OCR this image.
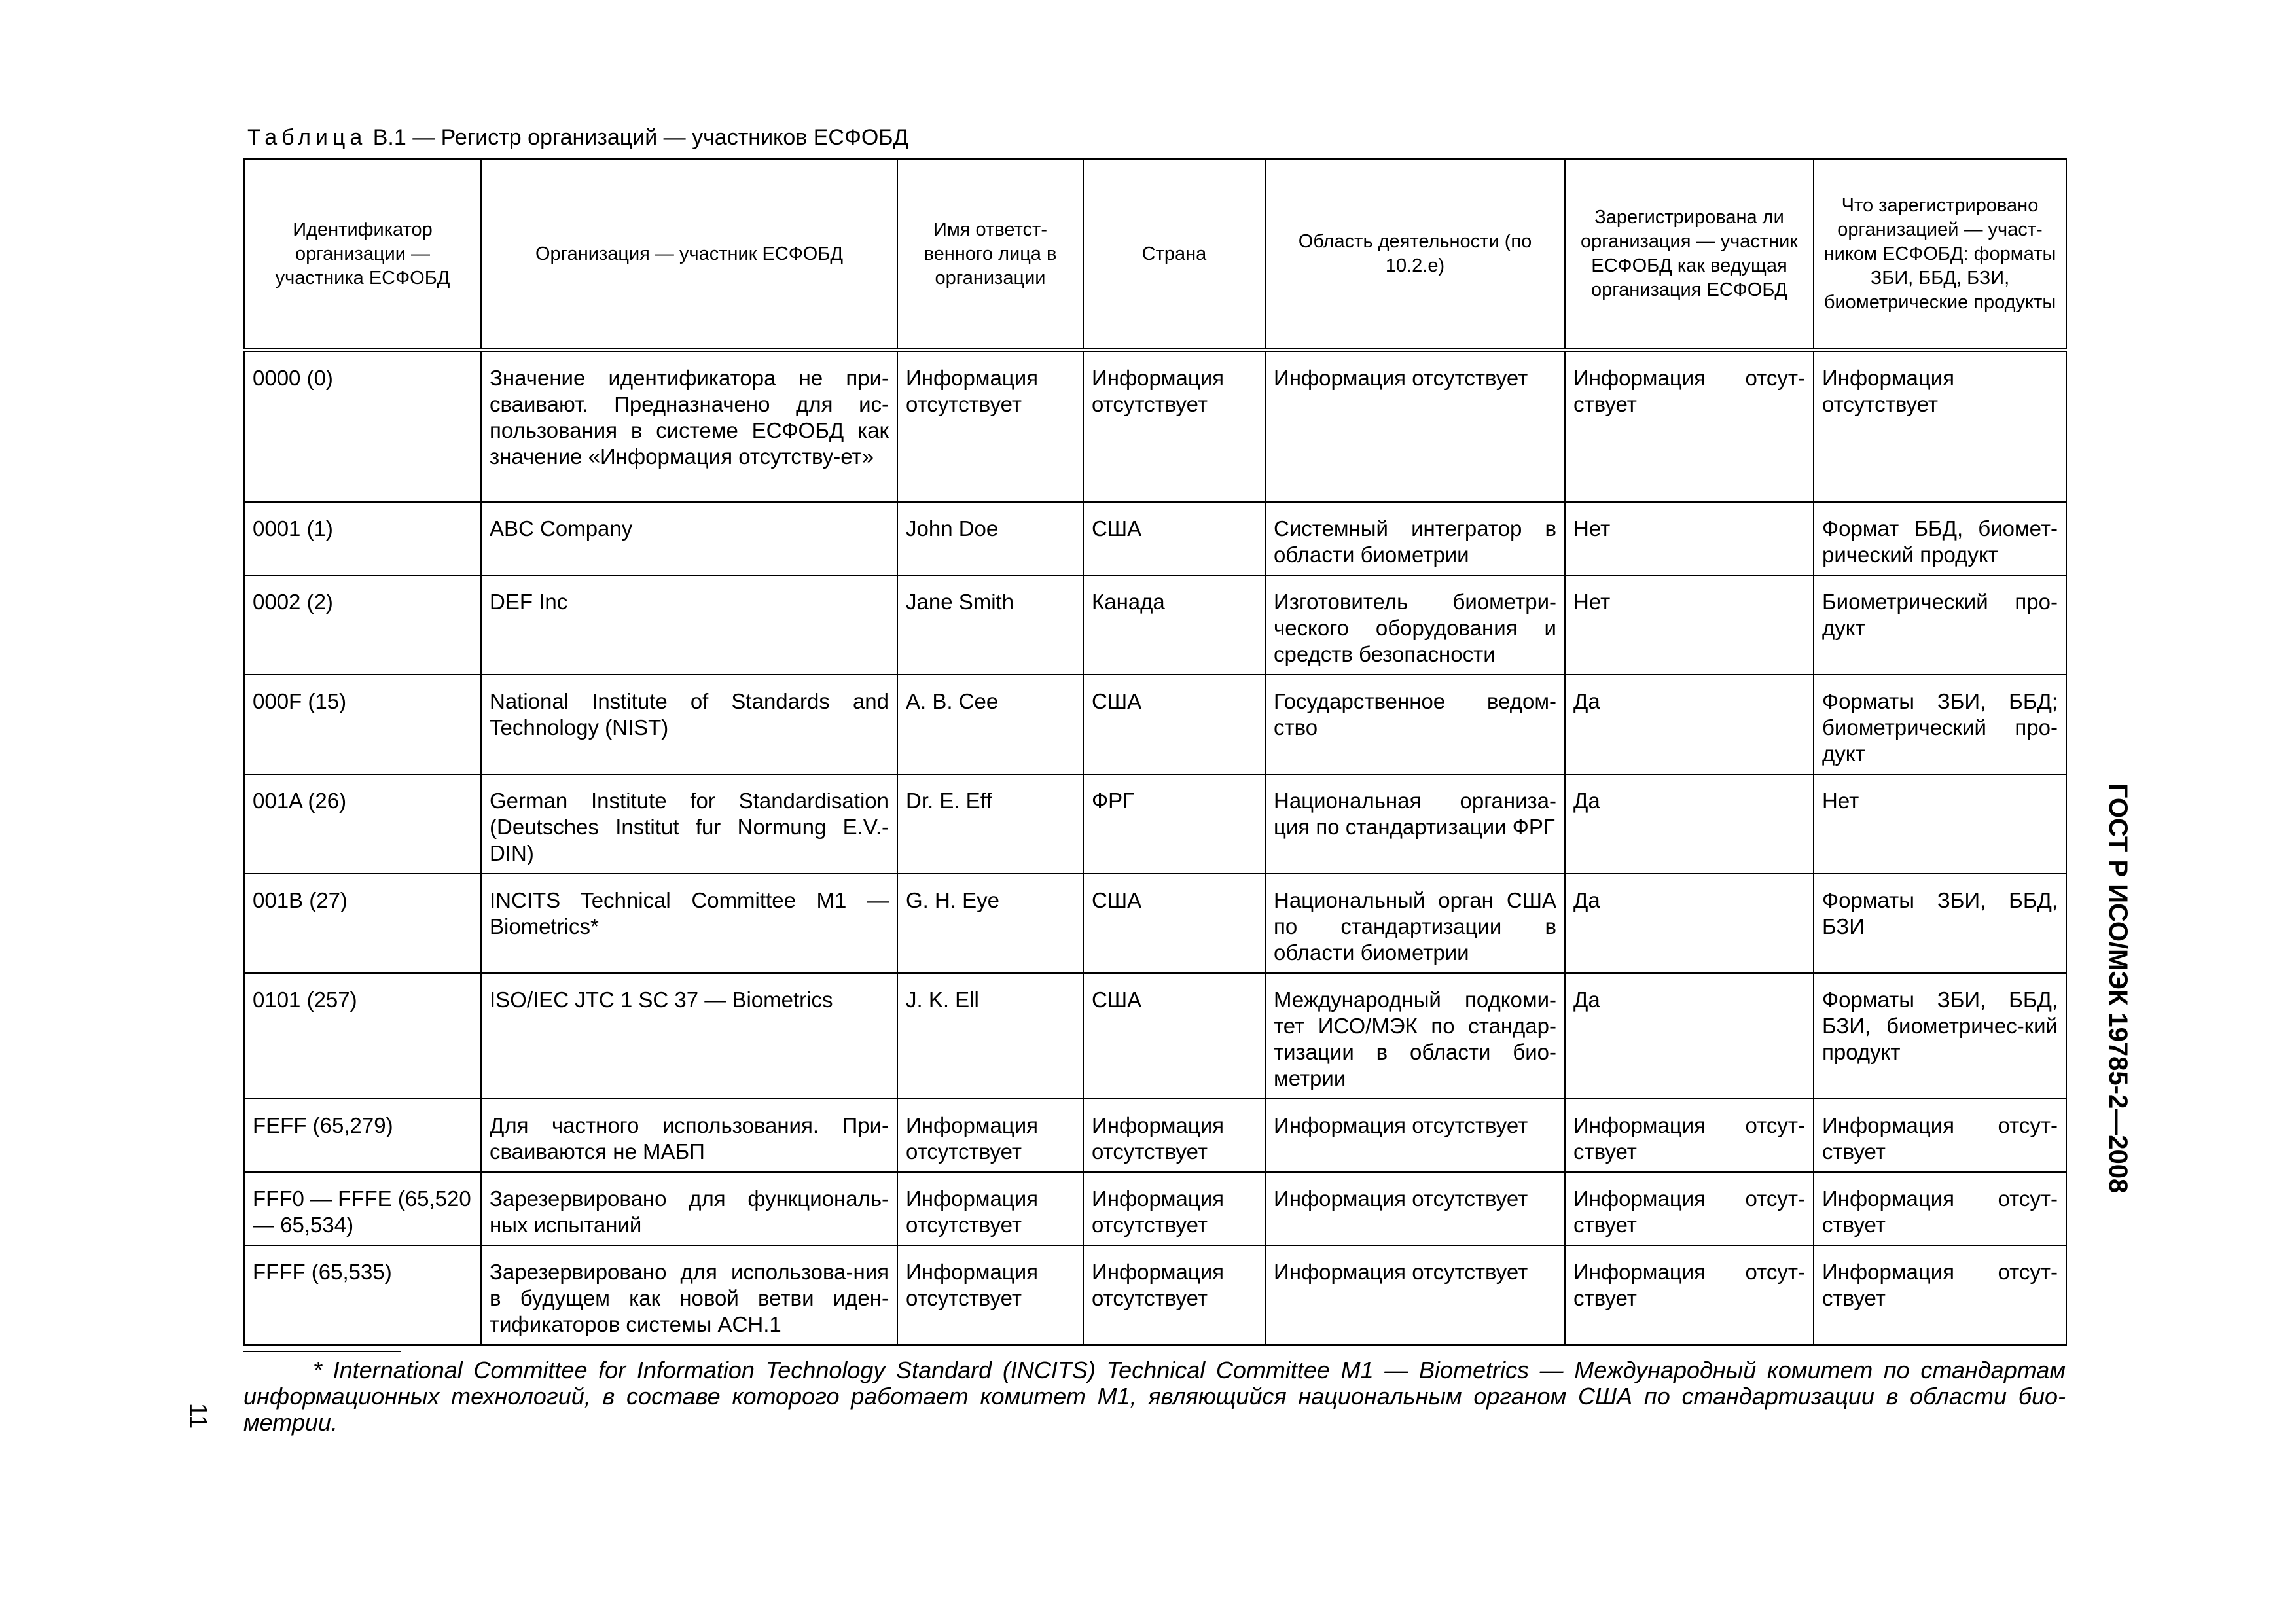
Таблица В.1 — Регистр организаций — участников ЕСФОБД
Идентификатор организации — участника ЕСФОБД	Организация — участник ЕСФОБД	Имя ответст-венного лица в организации	Страна	Область деятельности (по 10.2.е)	Зарегистрирована ли организация — участник ЕСФОБД как ведущая организация ЕСФОБД	Что зарегистрировано организацией — участ-ником ЕСФОБД: форматы ЗБИ, ББД, БЗИ, биометрические продукты
0000 (0)	Значение идентификатора не при-сваивают. Предназначено для ис-пользования в системе ЕСФОБД как значение «Информация отсутству-ет»	Информация отсутствует	Информация отсутствует	Информация отсутствует	Информация отсут-ствует	Информация отсутствует
0001 (1)	ABC Company	John Doe	США	Системный интегратор в области биометрии	Нет	Формат ББД, биомет-рический продукт
0002 (2)	DEF Inc	Jane Smith	Канада	Изготовитель биометри-ческого оборудования и средств безопасности	Нет	Биометрический про-дукт
000F (15)	National Institute of Standards and Technology (NIST)	A. B. Cee	США	Государственное ведом-ство	Да	Форматы ЗБИ, ББД; биометрический про-дукт
001A (26)	German Institute for Standardisation (Deutsches Institut fur Normung E.V.-DIN)	Dr. E. Eff	ФРГ	Национальная организа-ция по стандартизации ФРГ	Да	Нет
001B (27)	INCITS Technical Committee M1 — Biometrics*	G. H. Eye	США	Национальный орган США по стандартизации в области биометрии	Да	Форматы ЗБИ, ББД, БЗИ
0101 (257)	ISO/IEC JTC 1 SC 37 — Biometrics	J. K. Ell	США	Международный подкоми-тет ИСО/МЭК по стандар-тизации в области био-метрии	Да	Форматы ЗБИ, ББД, БЗИ, биометричес-кий продукт
FEFF (65,279)	Для частного использования. При-сваиваются не МАБП	Информация отсутствует	Информация отсутствует	Информация отсутствует	Информация отсут-ствует	Информация отсут-ствует
FFF0 — FFFE (65,520 — 65,534)	Зарезервировано для функциональ-ных испытаний	Информация отсутствует	Информация отсутствует	Информация отсутствует	Информация отсут-ствует	Информация отсут-ствует
FFFF (65,535)	Зарезервировано для использова-ния в будущем как новой ветви иден-тификаторов системы ACH.1	Информация отсутствует	Информация отсутствует	Информация отсутствует	Информация отсут-ствует	Информация отсут-ствует
* International Committee for Information Technology Standard (INCITS) Technical Committee M1 — Biometrics — Международный комитет по стандартам информационных технологий, в составе которого работает комитет М1, являющийся национальным органом США по стандартизации в области био-метрии.
11
ГОСТ Р ИСО/МЭК 19785-2—2008
